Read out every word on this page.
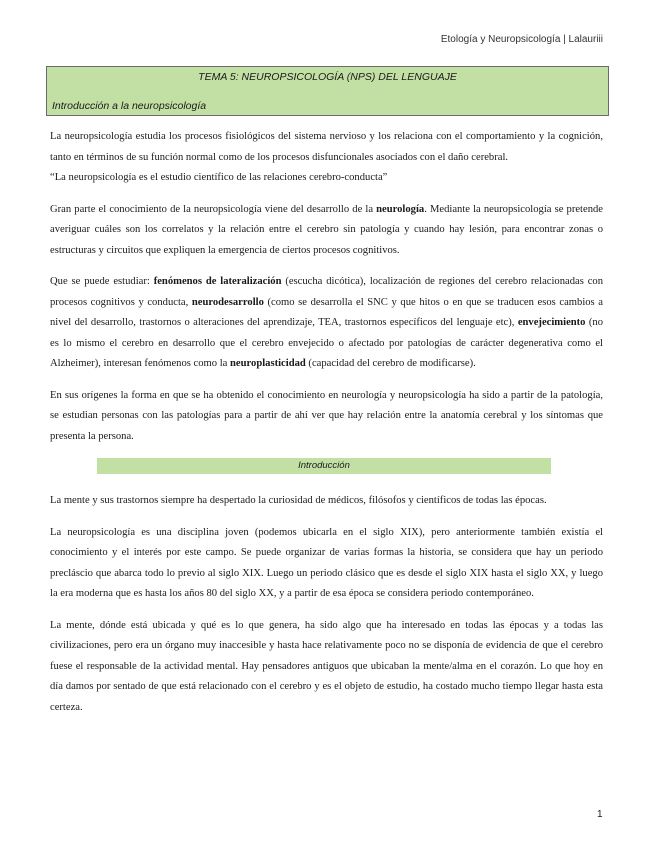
Etología y Neuropsicología | Lalauriii
TEMA 5: NEUROPSICOLOGÍA (NPS) DEL LENGUAJE
Introducción a la neuropsicología

La neuropsicología estudia los procesos fisiológicos del sistema nervioso y los relaciona con el comportamiento y la cognición, tanto en términos de su función normal como de los procesos disfuncionales asociados con el daño cerebral.
“La neuropsicología es el estudio científico de las relaciones cerebro-conducta”

Gran parte el conocimiento de la neuropsicología viene del desarrollo de la neurología. Mediante la neuropsicología se pretende averiguar cuáles son los correlatos y la relación entre el cerebro sin patología y cuando hay lesión, para encontrar zonas o estructuras y circuitos que expliquen la emergencia de ciertos procesos cognitivos.

Que se puede estudiar: fenómenos de lateralización (escucha dicótica), localización de regiones del cerebro relacionadas con procesos cognitivos y conducta, neurodesarrollo (como se desarrolla el SNC y que hitos o en que se traducen esos cambios a nivel del desarrollo, trastornos o alteraciones del aprendizaje, TEA, trastornos específicos del lenguaje etc), envejecimiento (no es lo mismo el cerebro en desarrollo que el cerebro envejecido o afectado por patologías de carácter degenerativa como el Alzheimer), interesan fenómenos como la neuroplasticidad (capacidad del cerebro de modificarse).

En sus orígenes la forma en que se ha obtenido el conocimiento en neurología y neuropsicología ha sido a partir de la patología, se estudian personas con las patologías para a partir de ahí ver que hay relación entre la anatomía cerebral y los síntomas que presenta la persona.

Introducción

La mente y sus trastornos siempre ha despertado la curiosidad de médicos, filósofos y científicos de todas las épocas.

La neuropsicología es una disciplina joven (podemos ubicarla en el siglo XIX), pero anteriormente también existía el conocimiento y el interés por este campo. Se puede organizar de varias formas la historia, se considera que hay un periodo precláscio que abarca todo lo previo al siglo XIX. Luego un periodo clásico que es desde el siglo XIX hasta el siglo XX, y luego la era moderna que es hasta los años 80 del siglo XX, y a partir de esa época se considera periodo contemporáneo.

La mente, dónde está ubicada y qué es lo que genera, ha sido algo que ha interesado en todas las épocas y a todas las civilizaciones, pero era un órgano muy inaccesible y hasta hace relativamente poco no se disponía de evidencia de que el cerebro fuese el responsable de la actividad mental. Hay pensadores antiguos que ubicaban la mente/alma en el corazón. Lo que hoy en día damos por sentado de que está relacionado con el cerebro y es el objeto de estudio, ha costado mucho tiempo llegar hasta esta certeza.

1
